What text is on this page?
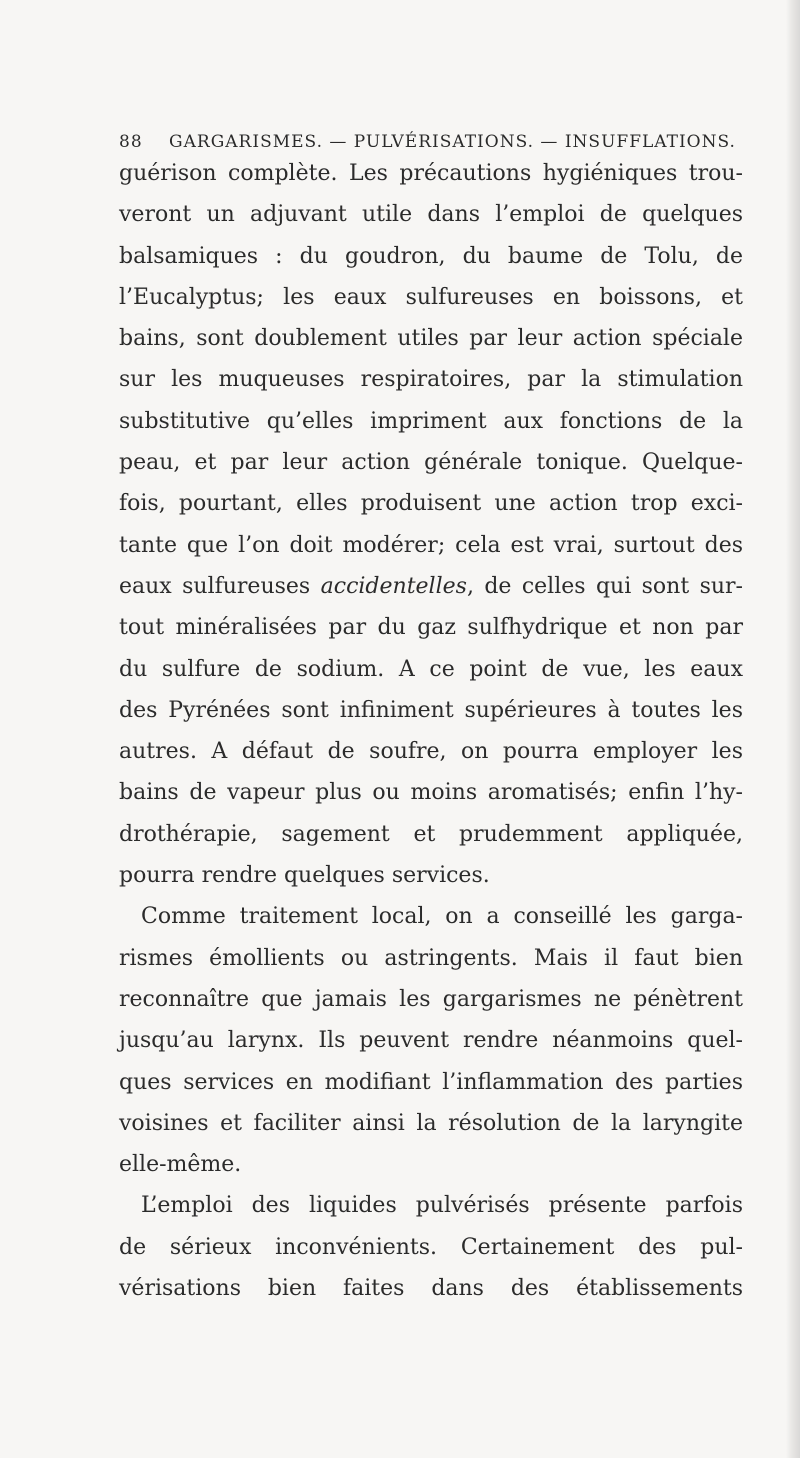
88 GARGARISMES. — PULVÉRISATIONS. — INSUFFLATIONS.
guérison complète. Les précautions hygiéniques trou-
veront un adjuvant utile dans l’emploi de quelques
balsamiques : du goudron, du baume de Tolu, de
l’Eucalyptus; les eaux sulfureuses en boissons, et
bains, sont doublement utiles par leur action spéciale
sur les muqueuses respiratoires, par la stimulation
substitutive qu’elles impriment aux fonctions de la
peau, et par leur action générale tonique. Quelque-
fois, pourtant, elles produisent une action trop exci-
tante que l’on doit modérer; cela est vrai, surtout des
eaux sulfureuses accidentelles, de celles qui sont sur-
tout minéralisées par du gaz sulfhydrique et non par
du sulfure de sodium. A ce point de vue, les eaux
des Pyrénées sont infiniment supérieures à toutes les
autres. A défaut de soufre, on pourra employer les
bains de vapeur plus ou moins aromatisés; enfin l’hy-
drothérapie, sagement et prudemment appliquée,
pourra rendre quelques services.
Comme traitement local, on a conseillé les garga-
rismes émollients ou astringents. Mais il faut bien
reconnaître que jamais les gargarismes ne pénètrent
jusqu’au larynx. Ils peuvent rendre néanmoins quel-
ques services en modifiant l’inflammation des parties
voisines et faciliter ainsi la résolution de la laryngite
elle-même.
L’emploi des liquides pulvérisés présente parfois
de sérieux inconvénients. Certainement des pul-
vérisations bien faites dans des établissements
